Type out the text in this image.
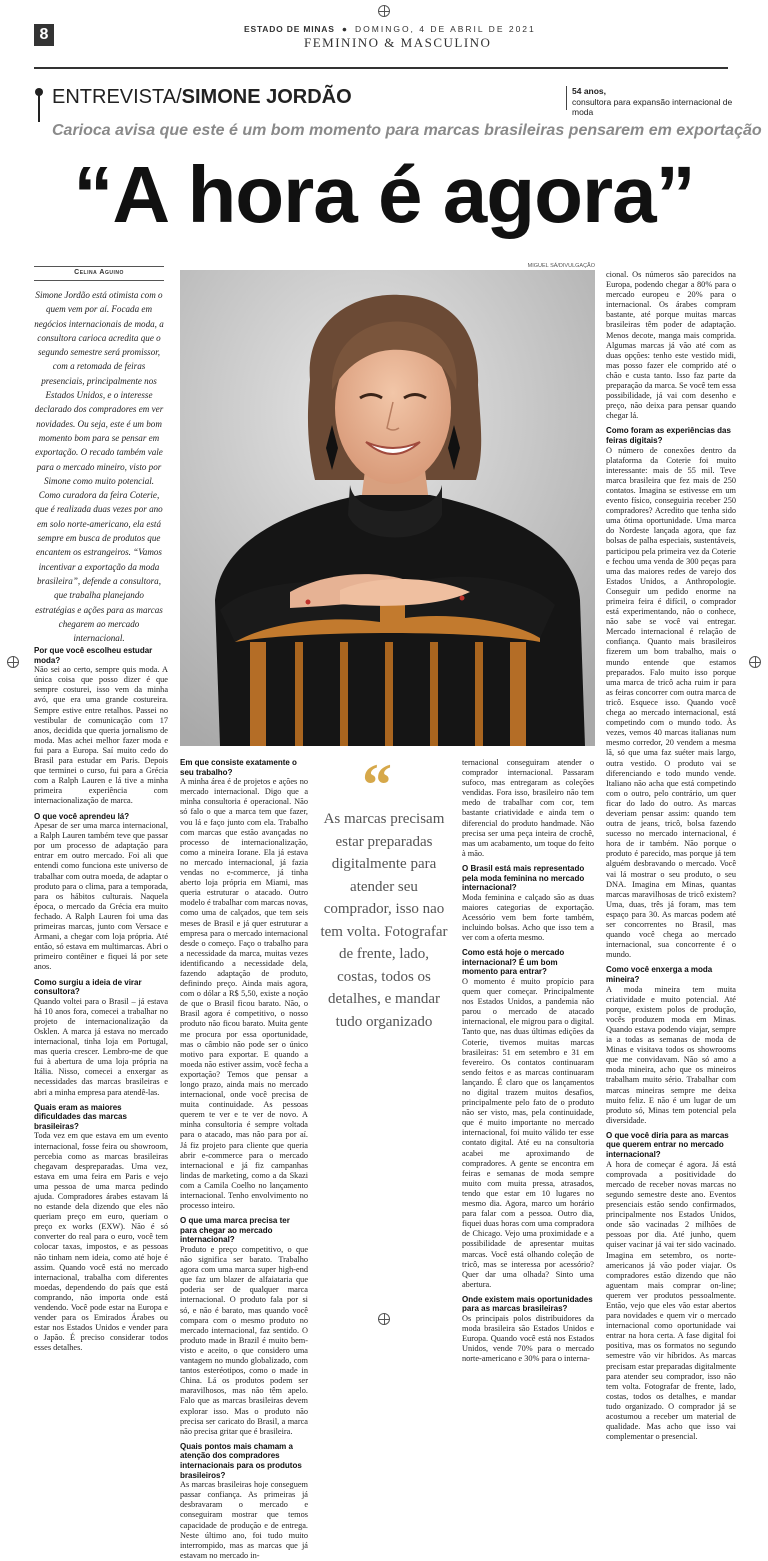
8	ESTADO DE MINAS ● DOMINGO, 4 DE ABRIL DE 2021
FEMININO & MASCULINO
ENTREVISTA/SIMONE JORDÃO	54 anos,
consultora para expansão internacional de moda
Carioca avisa que este é um bom momento para marcas brasileiras pensarem em exportação
“A hora é agora”
Celina Aguino
Simone Jordão está otimista com o quem vem por aí. Focada em negócios internacionais de moda, a consultora carioca acredita que o segundo semestre será promissor, com a retomada de feiras presenciais, principalmente nos Estados Unidos, e o interesse declarado dos compradores em ver novidades. Ou seja, este é um bom momento bom para se pensar em exportação. O recado também vale para o mercado mineiro, visto por Simone como muito potencial. Como curadora da feira Coterie, que é realizada duas vezes por ano em solo norte-americano, ela está sempre em busca de produtos que encantem os estrangeiros. “Vamos incentivar a exportação da moda brasileira”, defende a consultora, que trabalha planejando estratégias e ações para as marcas chegarem ao mercado internacional.
MIGUEL SÁ/DIVULGAÇÃO
“
As marcas precisam estar preparadas digitalmente para atender seu comprador, isso nao tem volta. Fotografar de frente, lado, costas, todos os detalhes, e mandar tudo organizado
Por que você escolheu estudar moda?

Não sei ao certo, sempre quis moda. A única coisa que posso dizer é que sempre costurei, isso vem da minha avó, que era uma grande costureira. Sempre estive entre retalhos. Passei no vestibular de comunicação com 17 anos, decidida que queria jornalismo de moda. Mas achei melhor fazer moda e fui para a Europa. Saí muito cedo do Brasil para estudar em Paris. Depois que terminei o curso, fui para a Grécia com a Ralph Lauren e lá tive a minha primeira experiência com internacionalização de marca.

O que você aprendeu lá?

Apesar de ser uma marca internacional, a Ralph Lauren também teve que passar por um processo de adaptação para entrar em outro mercado. Foi ali que entendi como funciona este universo de trabalhar com outra moeda, de adaptar o produto para o clima, para a temporada, para os hábitos culturais. Naquela época, o mercado da Grécia era muito fechado. A Ralph Lauren foi uma das primeiras marcas, junto com Versace e Armani, a chegar com loja própria. Até então, só estava em multimarcas. Abri o primeiro contêiner e fiquei lá por sete anos.

Como surgiu a ideia de virar consultora?

Quando voltei para o Brasil – já estava há 10 anos fora, comecei a trabalhar no projeto de internacionalização da Osklen. A marca já estava no mercado internacional, tinha loja em Portugal, mas queria crescer. Lembro-me de que fui à abertura de uma loja própria na Itália. Nisso, comecei a enxergar as necessidades das marcas brasileiras e abri a minha empresa para atendê-las.

Quais eram as maiores dificuldades das marcas brasileiras?

Toda vez em que estava em um evento internacional, fosse feira ou showroom, percebia como as marcas brasileiras chegavam despreparadas. Uma vez, estava em uma feira em Paris e vejo uma pessoa de uma marca pedindo ajuda. Compradores árabes estavam lá no estande dela dizendo que eles não queriam preço em euro, queriam o preço ex works (EXW). Não é só converter do real para o euro, você tem colocar taxas, impostos, e as pessoas não tinham nem ideia, como até hoje é assim. Quando você está no mercado internacional, trabalha com diferentes moedas, dependendo do país que está comprando, não importa onde está vendendo. Você pode estar na Europa e vender para os Emirados Árabes ou estar nos Estados Unidos e vender para o Japão. É preciso considerar todos esses detalhes.

Em que consiste exatamente o seu trabalho?

A minha área é de projetos e ações no mercado internacional. Digo que a minha consultoria é operacional. Não só falo o que a marca tem que fazer, vou lá e faço junto com ela. Trabalho com marcas que estão avançadas no processo de internacionalização, como a mineira Iorane. Ela já estava no mercado internacional, já fazia vendas no e-commerce, já tinha aberto loja própria em Miami, mas queria estruturar o atacado. Outro modelo é trabalhar com marcas novas, como uma de calçados, que tem seis meses de Brasil e já quer estruturar a empresa para o mercado internacional desde o começo. Faço o trabalho para a necessidade da marca, muitas vezes identificando a necessidade dela, fazendo adaptação de produto, definindo preço. Ainda mais agora, com o dólar a R$ 5,50, existe a noção de que o Brasil ficou barato. Não, o Brasil agora é competitivo, o nosso produto não ficou barato. Muita gente me procura por essa oportunidade, mas o câmbio não pode ser o único motivo para exportar. E quando a moeda não estiver assim, você fecha a exportação? Temos que pensar a longo prazo, ainda mais no mercado internacional, onde você precisa de muita continuidade. As pessoas querem te ver e te ver de novo. A minha consultoria é sempre voltada para o atacado, mas não para por aí. Já fiz projeto para cliente que queria abrir e-commerce para o mercado internacional e já fiz campanhas lindas de marketing, como a da Skazi com a Camila Coelho no lançamento internacional. Tenho envolvimento no processo inteiro.

O que uma marca precisa ter para chegar ao mercado internacional?

Produto e preço competitivo, o que não significa ser barato. Trabalho agora com uma marca super high-end que faz um blazer de alfaiataria que poderia ser de qualquer marca internacional. O produto fala por si só, e não é barato, mas quando você compara com o mesmo produto no mercado internacional, faz sentido. O produto made in Brazil é muito bem-visto e aceito, o que considero uma vantagem no mundo globalizado, com tantos esteréotipos, como o made in China. Lá os produtos podem ser maravilhosos, mas não têm apelo. Falo que as marcas brasileiras devem explorar isso. Mas o produto não precisa ser caricato do Brasil, a marca não precisa gritar que é brasileira.

Quais pontos mais chamam a atenção dos compradores internacionais para os produtos brasileiros?

As marcas brasileiras hoje conseguem passar confiança. As primeiras já desbravaram o mercado e conseguiram mostrar que temos capacidade de produção e de entrega. Neste último ano, foi tudo muito interrompido, mas as marcas que já estavam no mercado in-

ternacional conseguiram atender o comprador internacional. Passaram sufoco, mas entregaram as coleções vendidas. Fora isso, brasileiro não tem medo de trabalhar com cor, tem bastante criatividade e ainda tem o diferencial do produto handmade. Não precisa ser uma peça inteira de crochê, mas um acabamento, um toque do feito à mão.

O Brasil está mais representado pela moda feminina no mercado internacional?

Moda feminina e calçado são as duas maiores categorias de exportação. Acessório vem bem forte também, incluindo bolsas. Acho que isso tem a ver com a oferta mesmo.

Como está hoje o mercado internacional? É um bom momento para entrar?

O momento é muito propício para quem quer começar. Principalmente nos Estados Unidos, a pandemia não parou o mercado de atacado internacional, ele migrou para o digital. Tanto que, nas duas últimas edições da Coterie, tivemos muitas marcas brasileiras: 51 em setembro e 31 em fevereiro. Os contatos continuaram sendo feitos e as marcas continuaram lançando. É claro que os lançamentos no digital trazem muitos desafios, principalmente pelo fato de o produto não ser visto, mas, pela continuidade, que é muito importante no mercado internacional, foi muito válido ter esse contato digital. Até eu na consultoria acabei me aproximando de compradores. A gente se encontra em feiras e semanas de moda sempre muito com muita pressa, atrasados, tendo que estar em 10 lugares no mesmo dia. Agora, marco um horário para falar com a pessoa. Outro dia, fiquei duas horas com uma compradora de Chicago. Vejo uma proximidade e a possibilidade de apresentar muitas marcas. Você está olhando coleção de tricô, mas se interessa por acessório? Quer dar uma olhada? Sinto uma abertura.

Onde existem mais oportunidades para as marcas brasileiras?

Os principais polos distribuidores da moda brasileira são Estados Unidos e Europa. Quando você está nos Estados Unidos, vende 70% para o mercado norte-americano e 30% para o interna-

cional. Os números são parecidos na Europa, podendo chegar a 80% para o mercado europeu e 20% para o internacional. Os árabes compram bastante, até porque muitas marcas brasileiras têm poder de adaptação. Menos decote, manga mais comprida. Algumas marcas já vão até com as duas opções: tenho este vestido midi, mas posso fazer ele comprido até o chão e custa tanto. Isso faz parte da preparação da marca. Se você tem essa possibilidade, já vai com desenho e preço, não deixa para pensar quando chegar lá.

Como foram as experiências das feiras digitais?

O número de conexões dentro da plataforma da Coterie foi muito interessante: mais de 55 mil. Teve marca brasileira que fez mais de 250 contatos. Imagina se estivesse em um evento físico, conseguiria receber 250 compradores? Acredito que tenha sido uma ótima oportunidade. Uma marca do Nordeste lançada agora, que faz bolsas de palha especiais, sustentáveis, participou pela primeira vez da Coterie e fechou uma venda de 300 peças para uma das maiores redes de varejo dos Estados Unidos, a Anthropologie. Conseguir um pedido enorme na primeira feira é difícil, o comprador está experimentando, não o conhece, não sabe se você vai entregar. Mercado internacional é relação de confiança. Quanto mais brasileiros fizerem um bom trabalho, mais o mundo entende que estamos preparados. Falo muito isso porque uma marca de tricô acha ruim ir para as feiras concorrer com outra marca de tricô. Esquece isso. Quando você chega ao mercado internacional, está competindo com o mundo todo. Às vezes, vemos 40 marcas italianas num mesmo corredor, 20 vendem a mesma lã, só que uma faz suéter mais largo, outra vestido. O produto vai se diferenciando e todo mundo vende. Italiano não acha que está competindo com o outro, pelo contrário, um quer ficar do lado do outro. As marcas deveriam pensar assim: quando tem outra de jeans, tricô, bolsa fazendo sucesso no mercado internacional, é hora de ir também. Não porque o produto é parecido, mas porque já tem alguém desbravando o mercado. Você vai lá mostrar o seu produto, o seu DNA. Imagina em Minas, quantas marcas maravilhosas de tricô existem? Uma, duas, três já foram, mas tem espaço para 30. As marcas podem até ser concorrentes no Brasil, mas quando você chega ao mercado internacional, sua concorrente é o mundo.

Como você enxerga a moda mineira?

A moda mineira tem muita criatividade e muito potencial. Até porque, existem polos de produção, vocês produzem moda em Minas. Quando estava podendo viajar, sempre ia a todas as semanas de moda de Minas e visitava todos os showrooms que me convidavam. Não só amo a moda mineira, acho que os mineiros trabalham muito sério. Trabalhar com marcas mineiras sempre me deixa muito feliz. E não é um lugar de um produto só, Minas tem potencial pela diversidade.

O que você diria para as marcas que querem entrar no mercado internacional?

A hora de começar é agora. Já está comprovada a positividade do mercado de receber novas marcas no segundo semestre deste ano. Eventos presenciais estão sendo confirmados, principalmente nos Estados Unidos, onde são vacinadas 2 milhões de pessoas por dia. Até junho, quem quiser vacinar já vai ter sido vacinado. Imagina em setembro, os norte-americanos já vão poder viajar. Os compradores estão dizendo que não aguentam mais comprar on-line; querem ver produtos pessoalmente. Então, vejo que eles vão estar abertos para novidades e quem vir o mercado internacional como oportunidade vai entrar na hora certa. A fase digital foi positiva, mas os formatos no segundo semestre vão vir híbridos. As marcas precisam estar preparadas digitalmente para atender seu comprador, isso não tem volta. Fotografar de frente, lado, costas, todos os detalhes, e mandar tudo organizado. O comprador já se acostumou a receber um material de qualidade. Mas acho que isso vai complementar o presencial.
